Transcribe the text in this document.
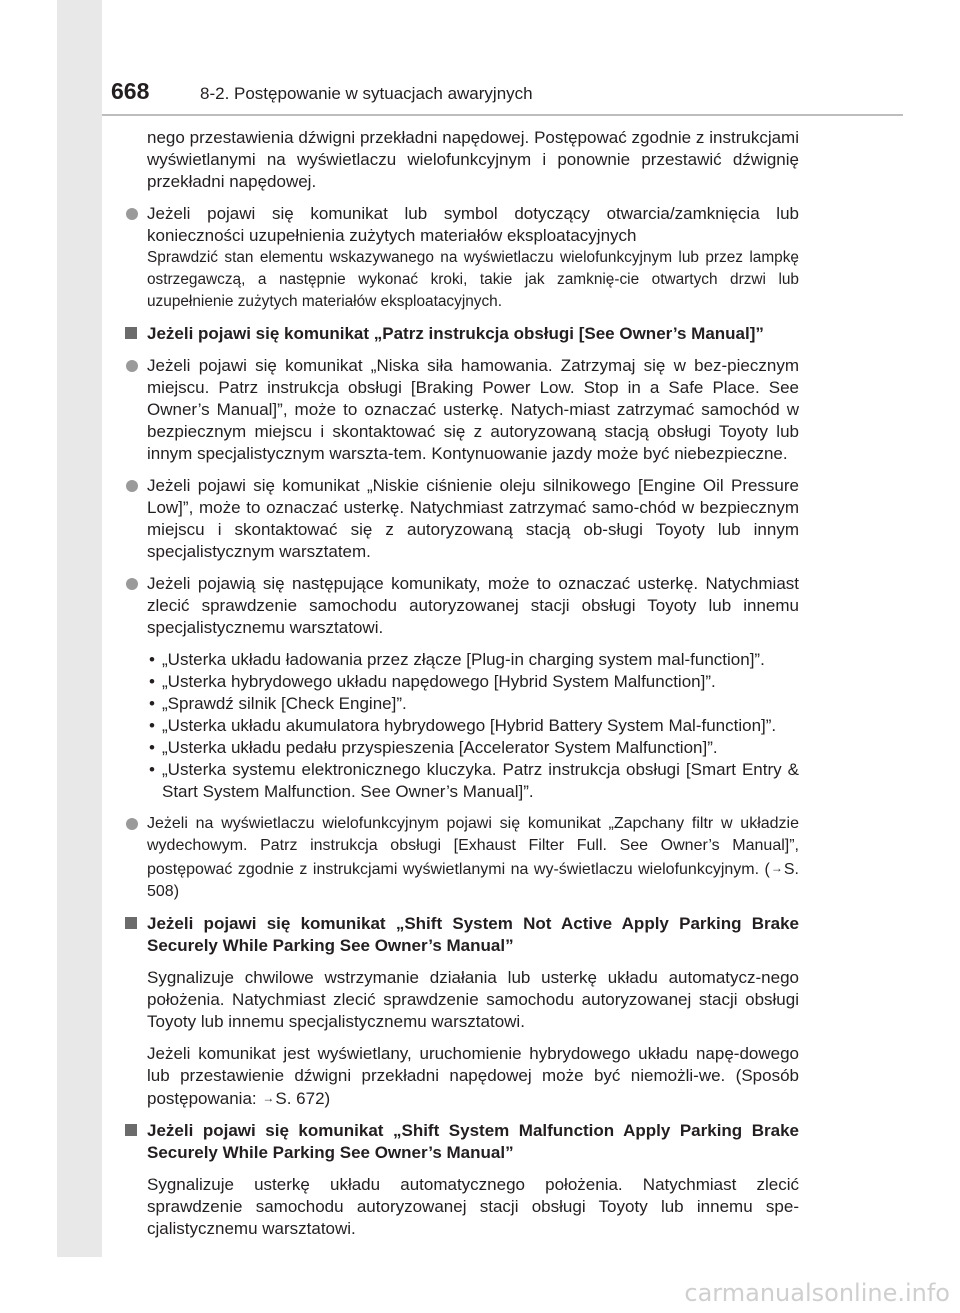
668	8-2. Postępowanie w sytuacjach awaryjnych

nego przestawienia dźwigni przekładni napędowej. Postępować zgodnie z instrukcjami wyświetlanymi na wyświetlaczu wielofunkcyjnym i ponownie przestawić dźwignię przekładni napędowej.

Jeżeli pojawi się komunikat lub symbol dotyczący otwarcia/zamknięcia lub konieczności uzupełnienia zużytych materiałów eksploatacyjnych

Sprawdzić stan elementu wskazywanego na wyświetlaczu wielofunkcyjnym lub przez lampkę ostrzegawczą, a następnie wykonać kroki, takie jak zamknię-cie otwartych drzwi lub uzupełnienie zużytych materiałów eksploatacyjnych.

Jeżeli pojawi się komunikat „Patrz instrukcja obsługi [See Owner’s Manual]”

Jeżeli pojawi się komunikat „Niska siła hamowania. Zatrzymaj się w bez-piecznym miejscu. Patrz instrukcja obsługi [Braking Power Low. Stop in a Safe Place. See Owner’s Manual]”, może to oznaczać usterkę. Natych-miast zatrzymać samochód w bezpiecznym miejscu i skontaktować się z autoryzowaną stacją obsługi Toyoty lub innym specjalistycznym warszta-tem. Kontynuowanie jazdy może być niebezpieczne.

Jeżeli pojawi się komunikat „Niskie ciśnienie oleju silnikowego [Engine Oil Pressure Low]”, może to oznaczać usterkę. Natychmiast zatrzymać samo-chód w bezpiecznym miejscu i skontaktować się z autoryzowaną stacją ob-sługi Toyoty lub innym specjalistycznym warsztatem.

Jeżeli pojawią się następujące komunikaty, może to oznaczać usterkę. Natychmiast zlecić sprawdzenie samochodu autoryzowanej stacji obsługi Toyoty lub innemu specjalistycznemu warsztatowi.

• „Usterka układu ładowania przez złącze [Plug-in charging system mal-function]”.
• „Usterka hybrydowego układu napędowego [Hybrid System Malfunction]”.
• „Sprawdź silnik [Check Engine]”.
• „Usterka układu akumulatora hybrydowego [Hybrid Battery System Mal-function]”.
• „Usterka układu pedału przyspieszenia [Accelerator System Malfunction]”.
• „Usterka systemu elektronicznego kluczyka. Patrz instrukcja obsługi [Smart Entry & Start System Malfunction. See Owner’s Manual]”.

Jeżeli na wyświetlaczu wielofunkcyjnym pojawi się komunikat „Zapchany filtr w układzie wydechowym. Patrz instrukcja obsługi [Exhaust Filter Full. See Owner’s Manual]”, postępować zgodnie z instrukcjami wyświetlanymi na wy-świetlaczu wielofunkcyjnym. (→S. 508)

Jeżeli pojawi się komunikat „Shift System Not Active Apply Parking Brake Securely While Parking See Owner’s Manual”

Sygnalizuje chwilowe wstrzymanie działania lub usterkę układu automatycz-nego położenia. Natychmiast zlecić sprawdzenie samochodu autoryzowanej stacji obsługi Toyoty lub innemu specjalistycznemu warsztatowi.

Jeżeli komunikat jest wyświetlany, uruchomienie hybrydowego układu napę-dowego lub przestawienie dźwigni przekładni napędowej może być niemożli-we. (Sposób postępowania: →S. 672)

Jeżeli pojawi się komunikat „Shift System Malfunction Apply Parking Brake Securely While Parking See Owner’s Manual”

Sygnalizuje usterkę układu automatycznego położenia. Natychmiast zlecić sprawdzenie samochodu autoryzowanej stacji obsługi Toyoty lub innemu spe-cjalistycznemu warsztatowi.

carmanualsonline.info
